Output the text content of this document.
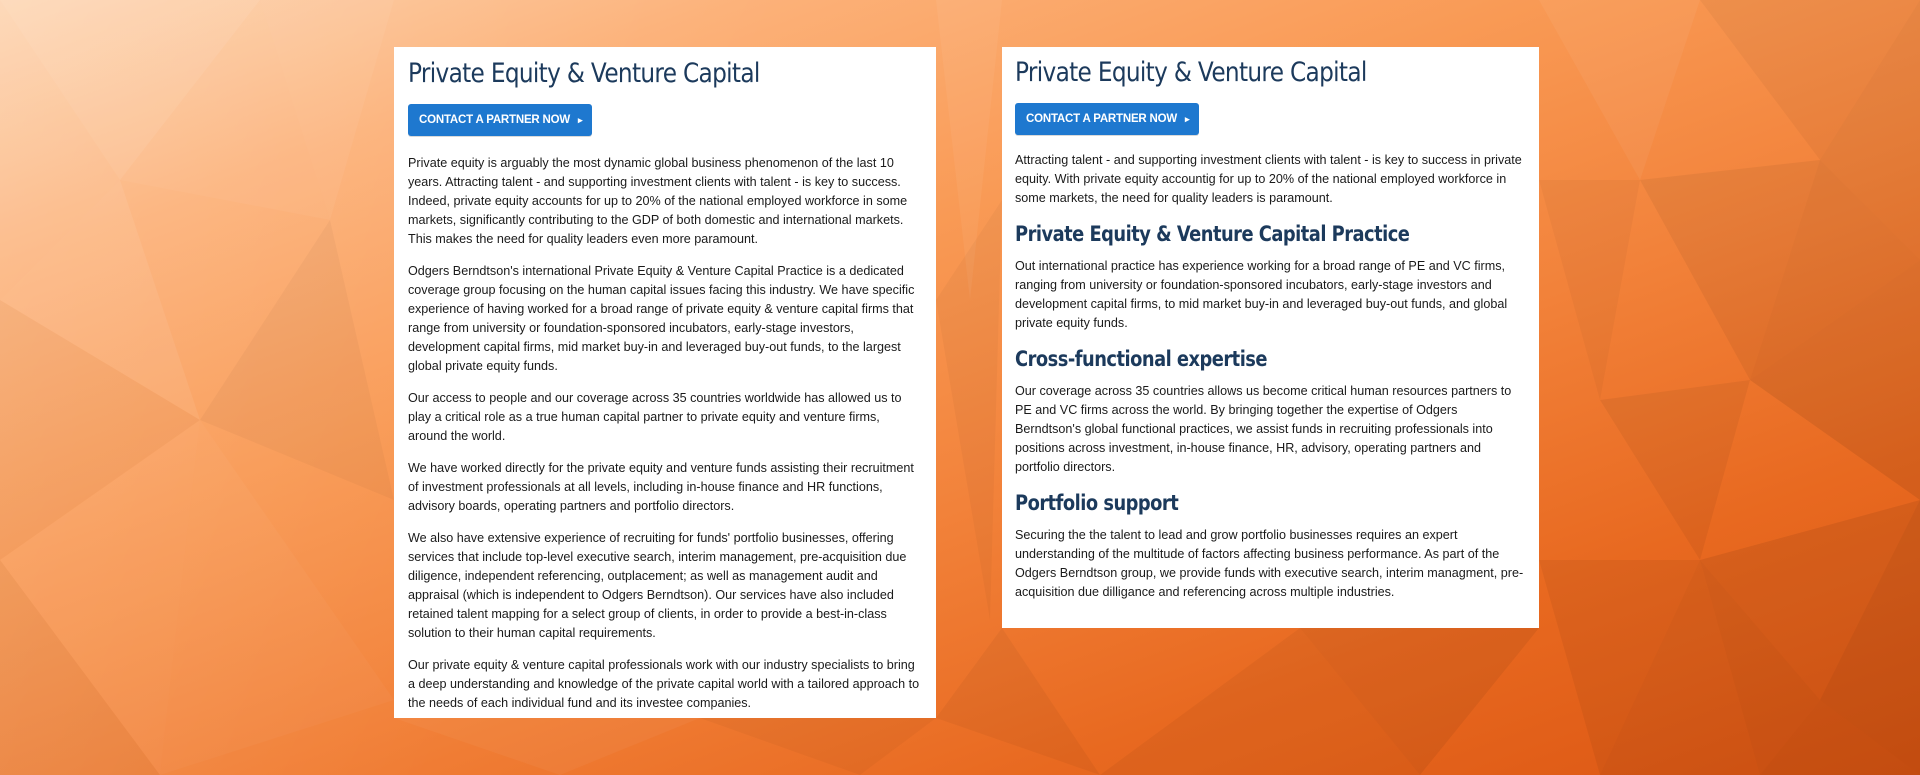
Private Equity & Venture Capital
CONTACT A PARTNER NOW ▸

Private equity is arguably the most dynamic global business phenomenon of the last 10 years. Attracting talent - and supporting investment clients with talent - is key to success. Indeed, private equity accounts for up to 20% of the national employed workforce in some markets, significantly contributing to the GDP of both domestic and international markets. This makes the need for quality leaders even more paramount.

Odgers Berndtson's international Private Equity & Venture Capital Practice is a dedicated coverage group focusing on the human capital issues facing this industry. We have specific experience of having worked for a broad range of private equity & venture capital firms that range from university or foundation-sponsored incubators, early-stage investors, development capital firms, mid market buy-in and leveraged buy-out funds, to the largest global private equity funds.

Our access to people and our coverage across 35 countries worldwide has allowed us to play a critical role as a true human capital partner to private equity and venture firms, around the world.

We have worked directly for the private equity and venture funds assisting their recruitment of investment professionals at all levels, including in-house finance and HR functions, advisory boards, operating partners and portfolio directors.

We also have extensive experience of recruiting for funds' portfolio businesses, offering services that include top-level executive search, interim management, pre-acquisition due diligence, independent referencing, outplacement; as well as management audit and appraisal (which is independent to Odgers Berndtson). Our services have also included retained talent mapping for a select group of clients, in order to provide a best-in-class solution to their human capital requirements.

Our private equity & venture capital professionals work with our industry specialists to bring a deep understanding and knowledge of the private capital world with a tailored approach to the needs of each individual fund and its investee companies.

Private Equity & Venture Capital
CONTACT A PARTNER NOW ▸

Attracting talent - and supporting investment clients with talent - is key to success in private equity. With private equity accountig for up to 20% of the national employed workforce in some markets, the need for quality leaders is paramount.

Private Equity & Venture Capital Practice

Out international practice has experience working for a broad range of PE and VC firms, ranging from university or foundation-sponsored incubators, early-stage investors and development capital firms, to mid market buy-in and leveraged buy-out funds, and global private equity funds.

Cross-functional expertise

Our coverage across 35 countries allows us become critical human resources partners to PE and VC firms across the world. By bringing together the expertise of Odgers Berndtson's global functional practices, we assist funds in recruiting professionals into positions across investment, in-house finance, HR, advisory, operating partners and portfolio directors.

Portfolio support

Securing the the talent to lead and grow portfolio businesses requires an expert understanding of the multitude of factors affecting business performance. As part of the Odgers Berndtson group, we provide funds with executive search, interim managment, pre-acquisition due dilligance and referencing across multiple industries.
